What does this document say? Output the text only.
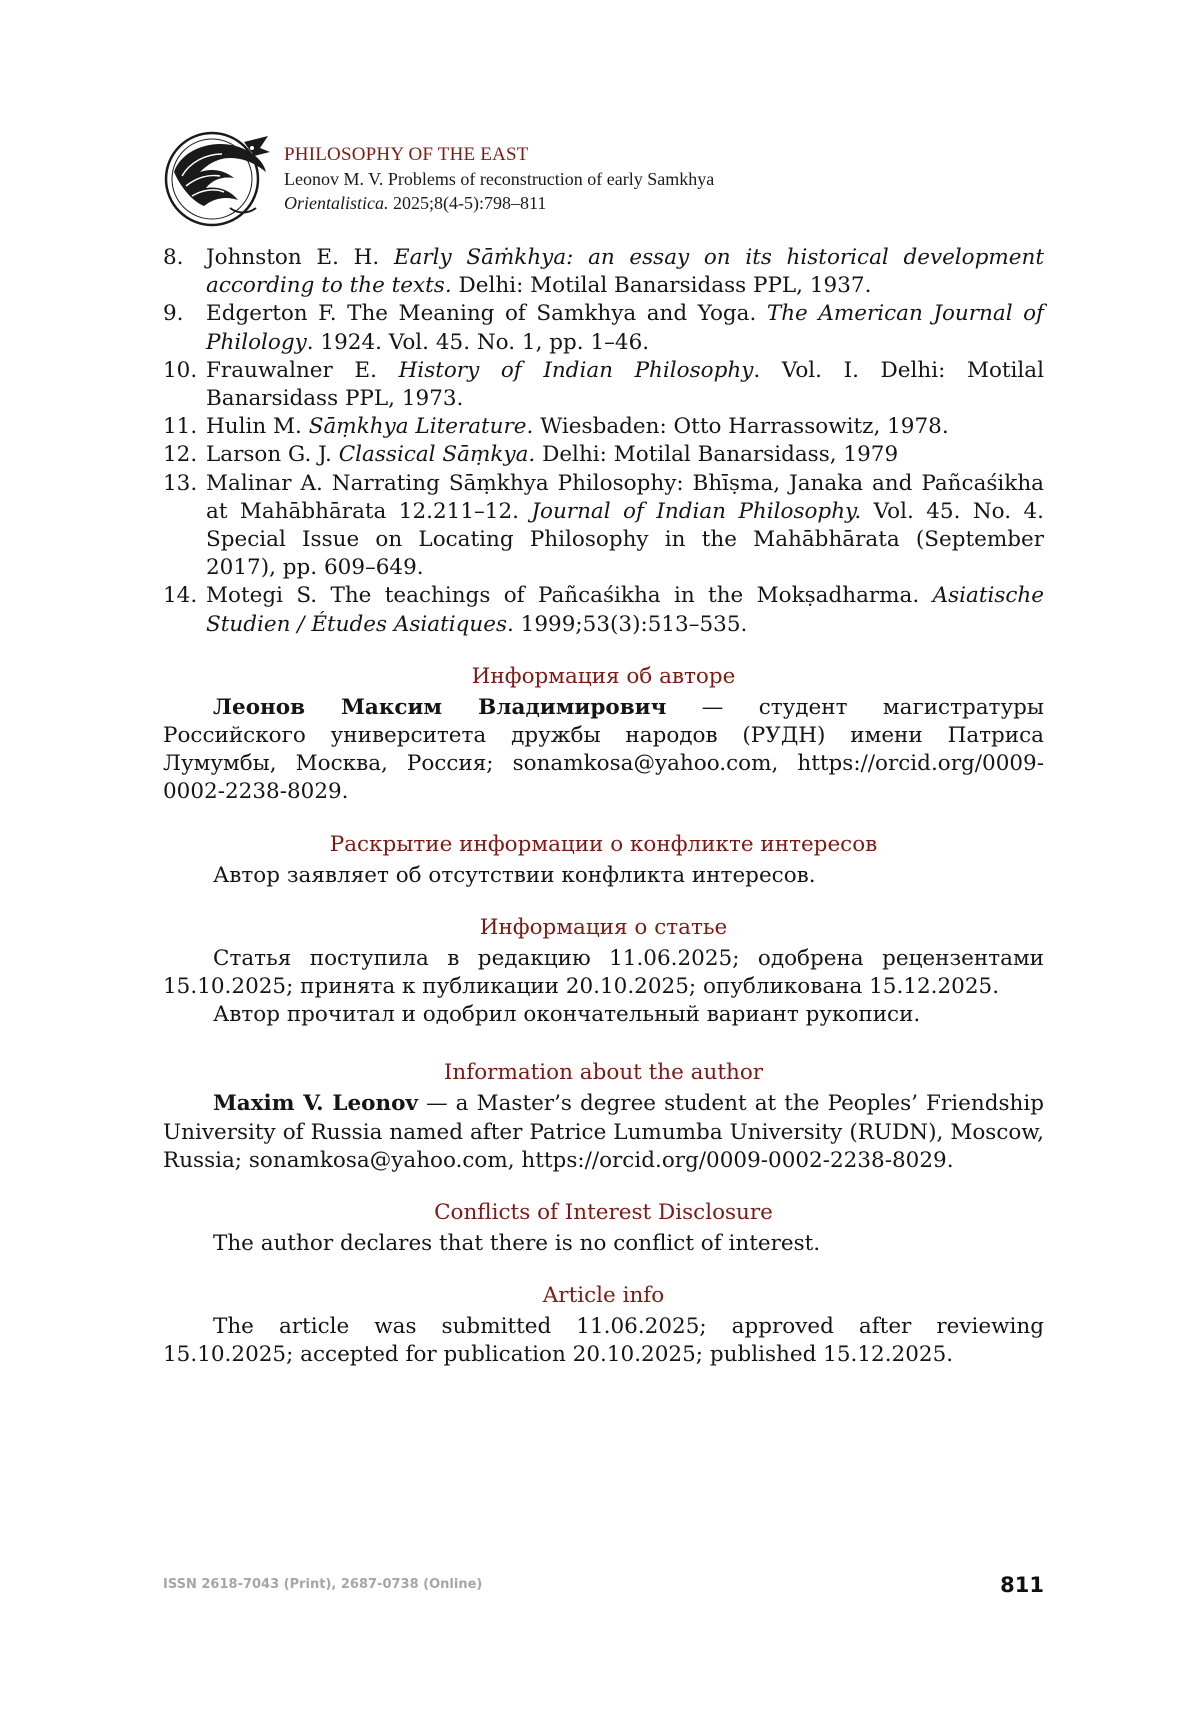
PHILOSOPHY OF THE EAST
Leonov M. V. Problems of reconstruction of early Samkhya
Orientalistica. 2025;8(4-5):798–811
8. Johnston E. H. Early Sāṁkhya: an essay on its historical development according to the texts. Delhi: Motilal Banarsidass PPL, 1937.
9. Edgerton F. The Meaning of Samkhya and Yoga. The American Journal of Philology. 1924. Vol. 45. No. 1, pp. 1–46.
10. Frauwalner E. History of Indian Philosophy. Vol. I. Delhi: Motilal Banarsidass PPL, 1973.
11. Hulin M. Sāṃkhya Literature. Wiesbaden: Otto Harrassowitz, 1978.
12. Larson G. J. Classical Sāṃkya. Delhi: Motilal Banarsidass, 1979
13. Malinar A. Narrating Sāṃkhya Philosophy: Bhīṣma, Janaka and Pañcaśikha at Mahābhārata 12.211–12. Journal of Indian Philosophy. Vol. 45. No. 4. Special Issue on Locating Philosophy in the Mahābhārata (September 2017), pp. 609–649.
14. Motegi S. The teachings of Pañcaśikha in the Mokṣadharma. Asiatische Studien / Études Asiatiques. 1999;53(3):513–535.
Информация об авторе

Леонов Максим Владимирович — студент магистратуры Российского университета дружбы народов (РУДН) имени Патриса Лумумбы, Москва, Россия; sonamkosa@yahoo.com, https://orcid.org/0009-0002-2238-8029.

Раскрытие информации о конфликте интересов

Автор заявляет об отсутствии конфликта интересов.

Информация о статье

Статья поступила в редакцию 11.06.2025; одобрена рецензентами 15.10.2025; принята к публикации 20.10.2025; опубликована 15.12.2025.

Автор прочитал и одобрил окончательный вариант рукописи.

Information about the author

Maxim V. Leonov — a Master’s degree student at the Peoples’ Friendship University of Russia named after Patrice Lumumba University (RUDN), Moscow, Russia; sonamkosa@yahoo.com, https://orcid.org/0009-0002-2238-8029.

Conflicts of Interest Disclosure

The author declares that there is no conflict of interest.

Article info

The article was submitted 11.06.2025; approved after reviewing 15.10.2025; accepted for publication 20.10.2025; published 15.12.2025.

ISSN 2618-7043 (Print), 2687-0738 (Online)	811
